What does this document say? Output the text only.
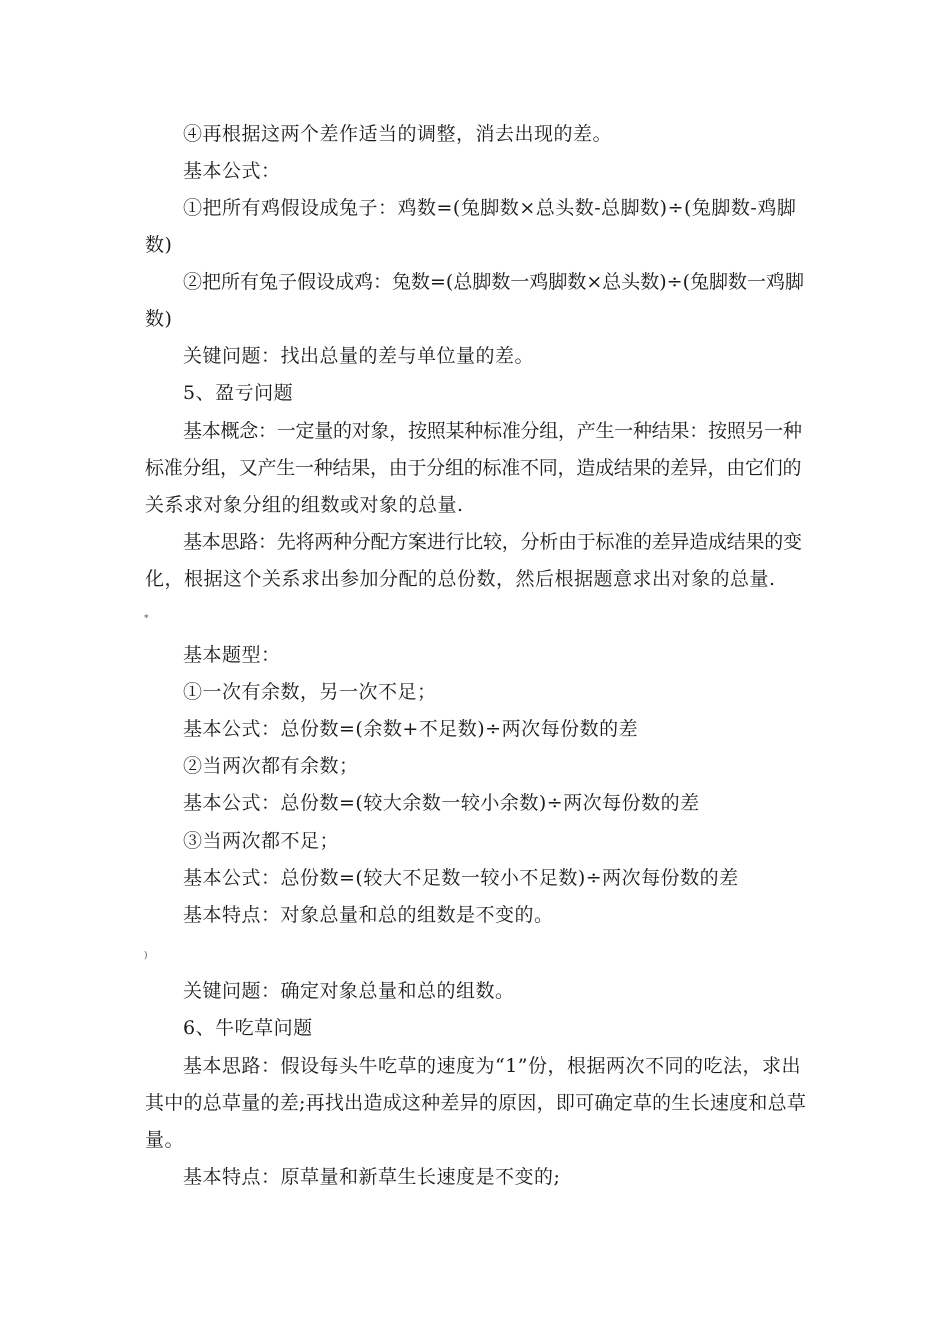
④再根据这两个差作适当的调整，消去出现的差。
基本公式：
①把所有鸡假设成兔子：鸡数=(兔脚数×总头数-总脚数)÷(兔脚数-鸡脚
数)
②把所有兔子假设成鸡：兔数=(总脚数一鸡脚数×总头数)÷(兔脚数一鸡脚
数)
关键问题：找出总量的差与单位量的差。
5、盈亏问题
基本概念：一定量的对象，按照某种标准分组，产生一种结果：按照另一种
标准分组，又产生一种结果，由于分组的标准不同，造成结果的差异，由它们的
关系求对象分组的组数或对象的总量.
基本思路：先将两种分配方案进行比较，分析由于标准的差异造成结果的变
化，根据这个关系求出参加分配的总份数，然后根据题意求出对象的总量.
*
基本题型：
①一次有余数，另一次不足；
基本公式：总份数=(余数+不足数)÷两次每份数的差
②当两次都有余数；
基本公式：总份数=(较大余数一较小余数)÷两次每份数的差
③当两次都不足；
基本公式：总份数=(较大不足数一较小不足数)÷两次每份数的差
基本特点：对象总量和总的组数是不变的。
)
关键问题：确定对象总量和总的组数。
6、牛吃草问题
基本思路：假设每头牛吃草的速度为“1”份，根据两次不同的吃法，求出
其中的总草量的差;再找出造成这种差异的原因，即可确定草的生长速度和总草
量。
基本特点：原草量和新草生长速度是不变的;
